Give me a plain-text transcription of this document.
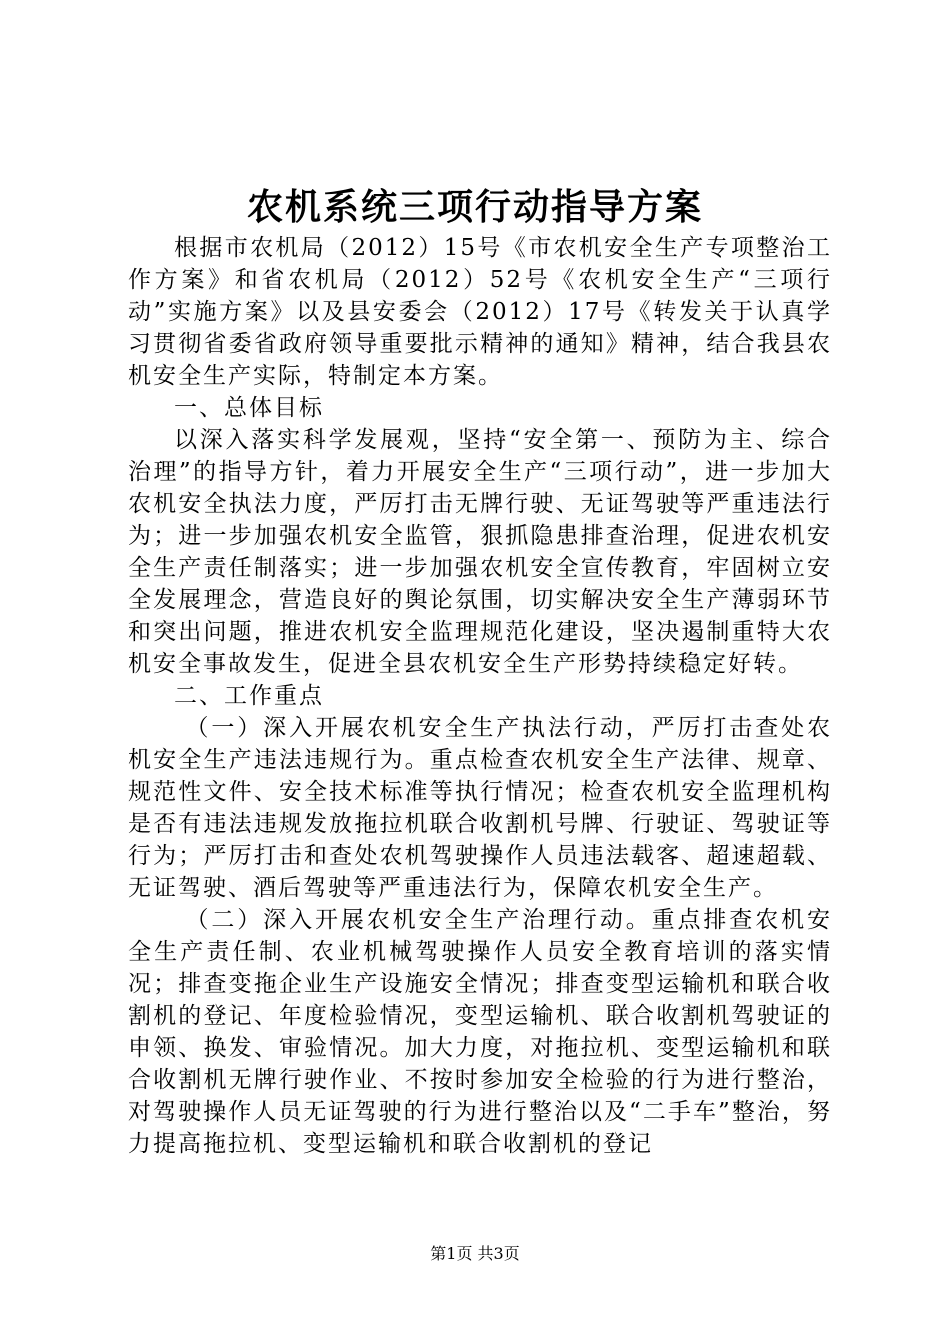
农机系统三项行动指导方案

根据市农机局（2012）15号《市农机安全生产专项整治工作方案》和省农机局（2012）52号《农机安全生产“三项行动”实施方案》以及县安委会（2012）17号《转发关于认真学习贯彻省委省政府领导重要批示精神的通知》精神，结合我县农机安全生产实际，特制定本方案。

一、总体目标

以深入落实科学发展观，坚持“安全第一、预防为主、综合治理”的指导方针，着力开展安全生产“三项行动”，进一步加大农机安全执法力度，严厉打击无牌行驶、无证驾驶等严重违法行为；进一步加强农机安全监管，狠抓隐患排查治理，促进农机安全生产责任制落实；进一步加强农机安全宣传教育，牢固树立安全发展理念，营造良好的舆论氛围，切实解决安全生产薄弱环节和突出问题，推进农机安全监理规范化建设，坚决遏制重特大农机安全事故发生，促进全县农机安全生产形势持续稳定好转。

二、工作重点

（一）深入开展农机安全生产执法行动，严厉打击查处农机安全生产违法违规行为。重点检查农机安全生产法律、规章、规范性文件、安全技术标准等执行情况；检查农机安全监理机构是否有违法违规发放拖拉机联合收割机号牌、行驶证、驾驶证等行为；严厉打击和查处农机驾驶操作人员违法载客、超速超载、无证驾驶、酒后驾驶等严重违法行为，保障农机安全生产。

（二）深入开展农机安全生产治理行动。重点排查农机安全生产责任制、农业机械驾驶操作人员安全教育培训的落实情况；排查变拖企业生产设施安全情况；排查变型运输机和联合收割机的登记、年度检验情况，变型运输机、联合收割机驾驶证的申领、换发、审验情况。加大力度，对拖拉机、变型运输机和联合收割机无牌行驶作业、不按时参加安全检验的行为进行整治，对驾驶操作人员无证驾驶的行为进行整治以及“二手车”整治，努力提高拖拉机、变型运输机和联合收割机的登记

第1页 共3页
